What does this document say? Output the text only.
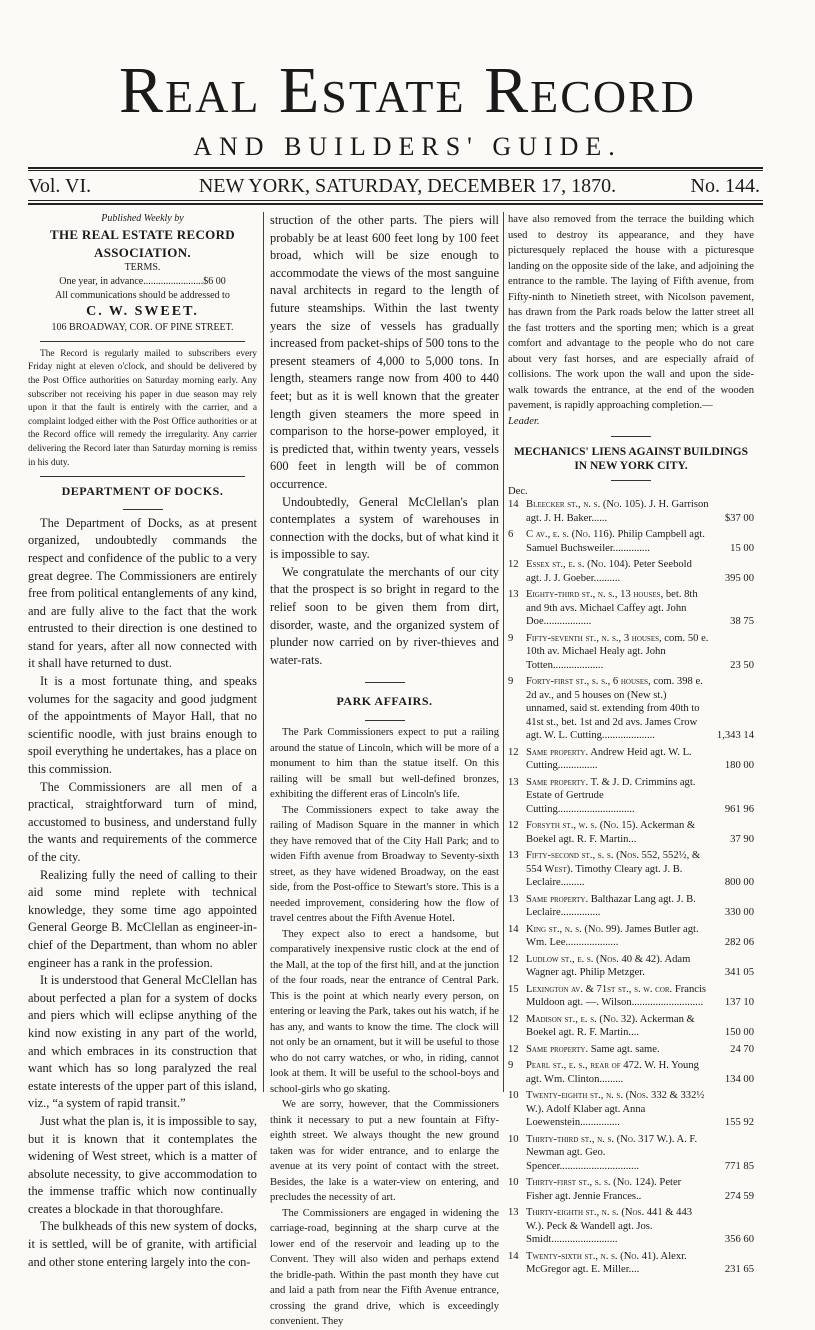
Real Estate Record
AND BUILDERS' GUIDE.
Vol. VI.	NEW YORK, SATURDAY, DECEMBER 17, 1870.	No. 144.

Published Weekly by

THE REAL ESTATE RECORD ASSOCIATION.

TERMS.

One year, in advance........................$6 00

All communications should be addressed to

C. W. SWEET.

106 BROADWAY, COR. OF PINE STREET.

The Record is regularly mailed to subscribers every Friday night at eleven o'clock, and should be delivered by the Post Office authorities on Saturday morning early. Any subscriber not receiving his paper in due season may rely upon it that the fault is entirely with the carrier, and a complaint lodged either with the Post Office authorities or at the Record office will remedy the irregularity. Any carrier delivering the Record later than Saturday morning is remiss in his duty.

DEPARTMENT OF DOCKS.

The Department of Docks, as at present organized, undoubtedly commands the respect and confidence of the public to a very great degree. The Commissioners are entirely free from political entanglements of any kind, and are fully alive to the fact that the work entrusted to their direction is one destined to stand for years, after all now connected with it shall have returned to dust.

It is a most fortunate thing, and speaks volumes for the sagacity and good judgment of the appointments of Mayor Hall, that no scientific noodle, with just brains enough to spoil everything he undertakes, has a place on this commission.

The Commissioners are all men of a practical, straightforward turn of mind, accustomed to business, and understand fully the wants and requirements of the commerce of the city.

Realizing fully the need of calling to their aid some mind replete with technical knowledge, they some time ago appointed General George B. McClellan as engineer-in-chief of the Department, than whom no abler engineer has a rank in the profession.

It is understood that General McClellan has about perfected a plan for a system of docks and piers which will eclipse anything of the kind now existing in any part of the world, and which embraces in its construction that want which has so long paralyzed the real estate interests of the upper part of this island, viz., “a system of rapid transit.”

Just what the plan is, it is impossible to say, but it is known that it contemplates the widening of West street, which is a matter of absolute necessity, to give accommodation to the immense traffic which now continually creates a blockade in that thoroughfare.

The bulkheads of this new system of docks, it is settled, will be of granite, with artificial and other stone entering largely into the con-

struction of the other parts. The piers will probably be at least 600 feet long by 100 feet broad, which will be size enough to accommodate the views of the most sanguine naval architects in regard to the length of future steamships. Within the last twenty years the size of vessels has gradually increased from packet-ships of 500 tons to the present steamers of 4,000 to 5,000 tons. In length, steamers range now from 400 to 440 feet; but as it is well known that the greater length given steamers the more speed in comparison to the horse-power employed, it is predicted that, within twenty years, vessels 600 feet in length will be of common occurrence.

Undoubtedly, General McClellan's plan contemplates a system of warehouses in connection with the docks, but of what kind it is impossible to say.

We congratulate the merchants of our city that the prospect is so bright in regard to the relief soon to be given them from dirt, disorder, waste, and the organized system of plunder now carried on by river-thieves and water-rats.

PARK AFFAIRS.

The Park Commissioners expect to put a railing around the statue of Lincoln, which will be more of a monument to him than the statue itself. On this railing will be small but well-defined bronzes, exhibiting the different eras of Lincoln's life.

The Commissioners expect to take away the railing of Madison Square in the manner in which they have removed that of the City Hall Park; and to widen Fifth avenue from Broadway to Seventy-sixth street, as they have widened Broadway, on the east side, from the Post-office to Stewart's store. This is a needed improvement, considering how the flow of travel centres about the Fifth Avenue Hotel.

They expect also to erect a handsome, but comparatively inexpensive rustic clock at the end of the Mall, at the top of the first hill, and at the junction of the four roads, near the entrance of Central Park. This is the point at which nearly every person, on entering or leaving the Park, takes out his watch, if he has any, and wants to know the time. The clock will not only be an ornament, but it will be useful to those who do not carry watches, or who, in riding, cannot look at them. It will be useful to the school-boys and school-girls who go skating.

We are sorry, however, that the Commissioners think it necessary to put a new fountain at Fifty-eighth street. We always thought the new ground taken was for wider entrance, and to enlarge the avenue at its very point of contact with the street. Besides, the lake is a water-view on entering, and precludes the necessity of art.

The Commissioners are engaged in widening the carriage-road, beginning at the sharp curve at the lower end of the reservoir and leading up to the Convent. They will also widen and perhaps extend the bridle-path. Within the past month they have cut and laid a path from near the Fifth Avenue entrance, crossing the grand drive, which is exceedingly convenient. They

have also removed from the terrace the building which used to destroy its appearance, and they have picturesquely replaced the house with a picturesque landing on the opposite side of the lake, and adjoining the entrance to the ramble. The laying of Fifth avenue, from Fifty-ninth to Ninetieth street, with Nicolson pavement, has drawn from the Park roads below the latter street all the fast trotters and the sporting men; which is a great comfort and advantage to the people who do not care about very fast horses, and are especially afraid of collisions. The work upon the wall and upon the side-walk towards the entrance, at the end of the wooden pavement, is rapidly approaching completion.—

Leader.

MECHANICS' LIENS AGAINST BUILDINGS IN NEW YORK CITY.

Dec.

14 Bleecker st., n. s. (No. 105). J. H. Garrison agt. J. H. Baker......	$37 00
6	C av., e. s. (No. 116). Philip Campbell agt. Samuel Buchsweiler..............	15 00
12 Essex st., e. s. (No. 104). Peter Seebold agt. J. J. Goeber..........	395 00
13 Eighty-third st., n. s., 13 houses, bet. 8th and 9th avs. Michael Caffey agt. John Doe..................	38 75
9	Fifty-seventh st., n. s., 3 houses, com. 50 e. 10th av. Michael Healy agt. John Totten...................	23 50
9	Forty-first st., s. s., 6 houses, com. 398 e. 2d av., and 5 houses on (New st.) unnamed, said st. extending from 40th to 41st st., bet. 1st and 2d avs. James Crow agt. W. L. Cutting....................	1,343 14
12 Same property. Andrew Heid agt. W. L. Cutting...............	180 00
13 Same property. T. & J. D. Crimmins agt. Estate of Gertrude Cutting.............................	961 96
12 Forsyth st., w. s. (No. 15). Ackerman & Boekel agt. R. F. Martin...	37 90
13 Fifty-second st., s. s. (Nos. 552, 552½, & 554 West). Timothy Cleary agt. J. B. Leclaire.........	800 00
13 Same property. Balthazar Lang agt. J. B. Leclaire...............	330 00
14 King st., n. s. (No. 99). James Butler agt. Wm. Lee....................	282 06
12 Ludlow st., e. s. (Nos. 40 & 42). Adam Wagner agt. Philip Metzger.	341 05
15 Lexington av. & 71st st., s. w. cor. Francis Muldoon agt. —. Wilson...........................	137 10
12 Madison st., e. s. (No. 32). Ackerman & Boekel agt. R. F. Martin....	150 00
12 Same property. Same agt. same.	24 70
9	Pearl st., e. s., rear of 472. W. H. Young agt. Wm. Clinton.........	134 00
10 Twenty-eighth st., n. s. (Nos. 332 & 332½ W.). Adolf Klaber agt. Anna Loewenstein...............	155 92
10 Thirty-third st., n. s. (No. 317 W.). A. F. Newman agt. Geo. Spencer..............................	771 85
10 Thirty-first st., s. s. (No. 124). Peter Fisher agt. Jennie Frances..	274 59
13 Thirty-eighth st., n. s. (Nos. 441 & 443 W.). Peck & Wandell agt. Jos. Smidt.........................	356 60
14 Twenty-sixth st., n. s. (No. 41). Alexr. McGregor agt. E. Miller....	231 65
